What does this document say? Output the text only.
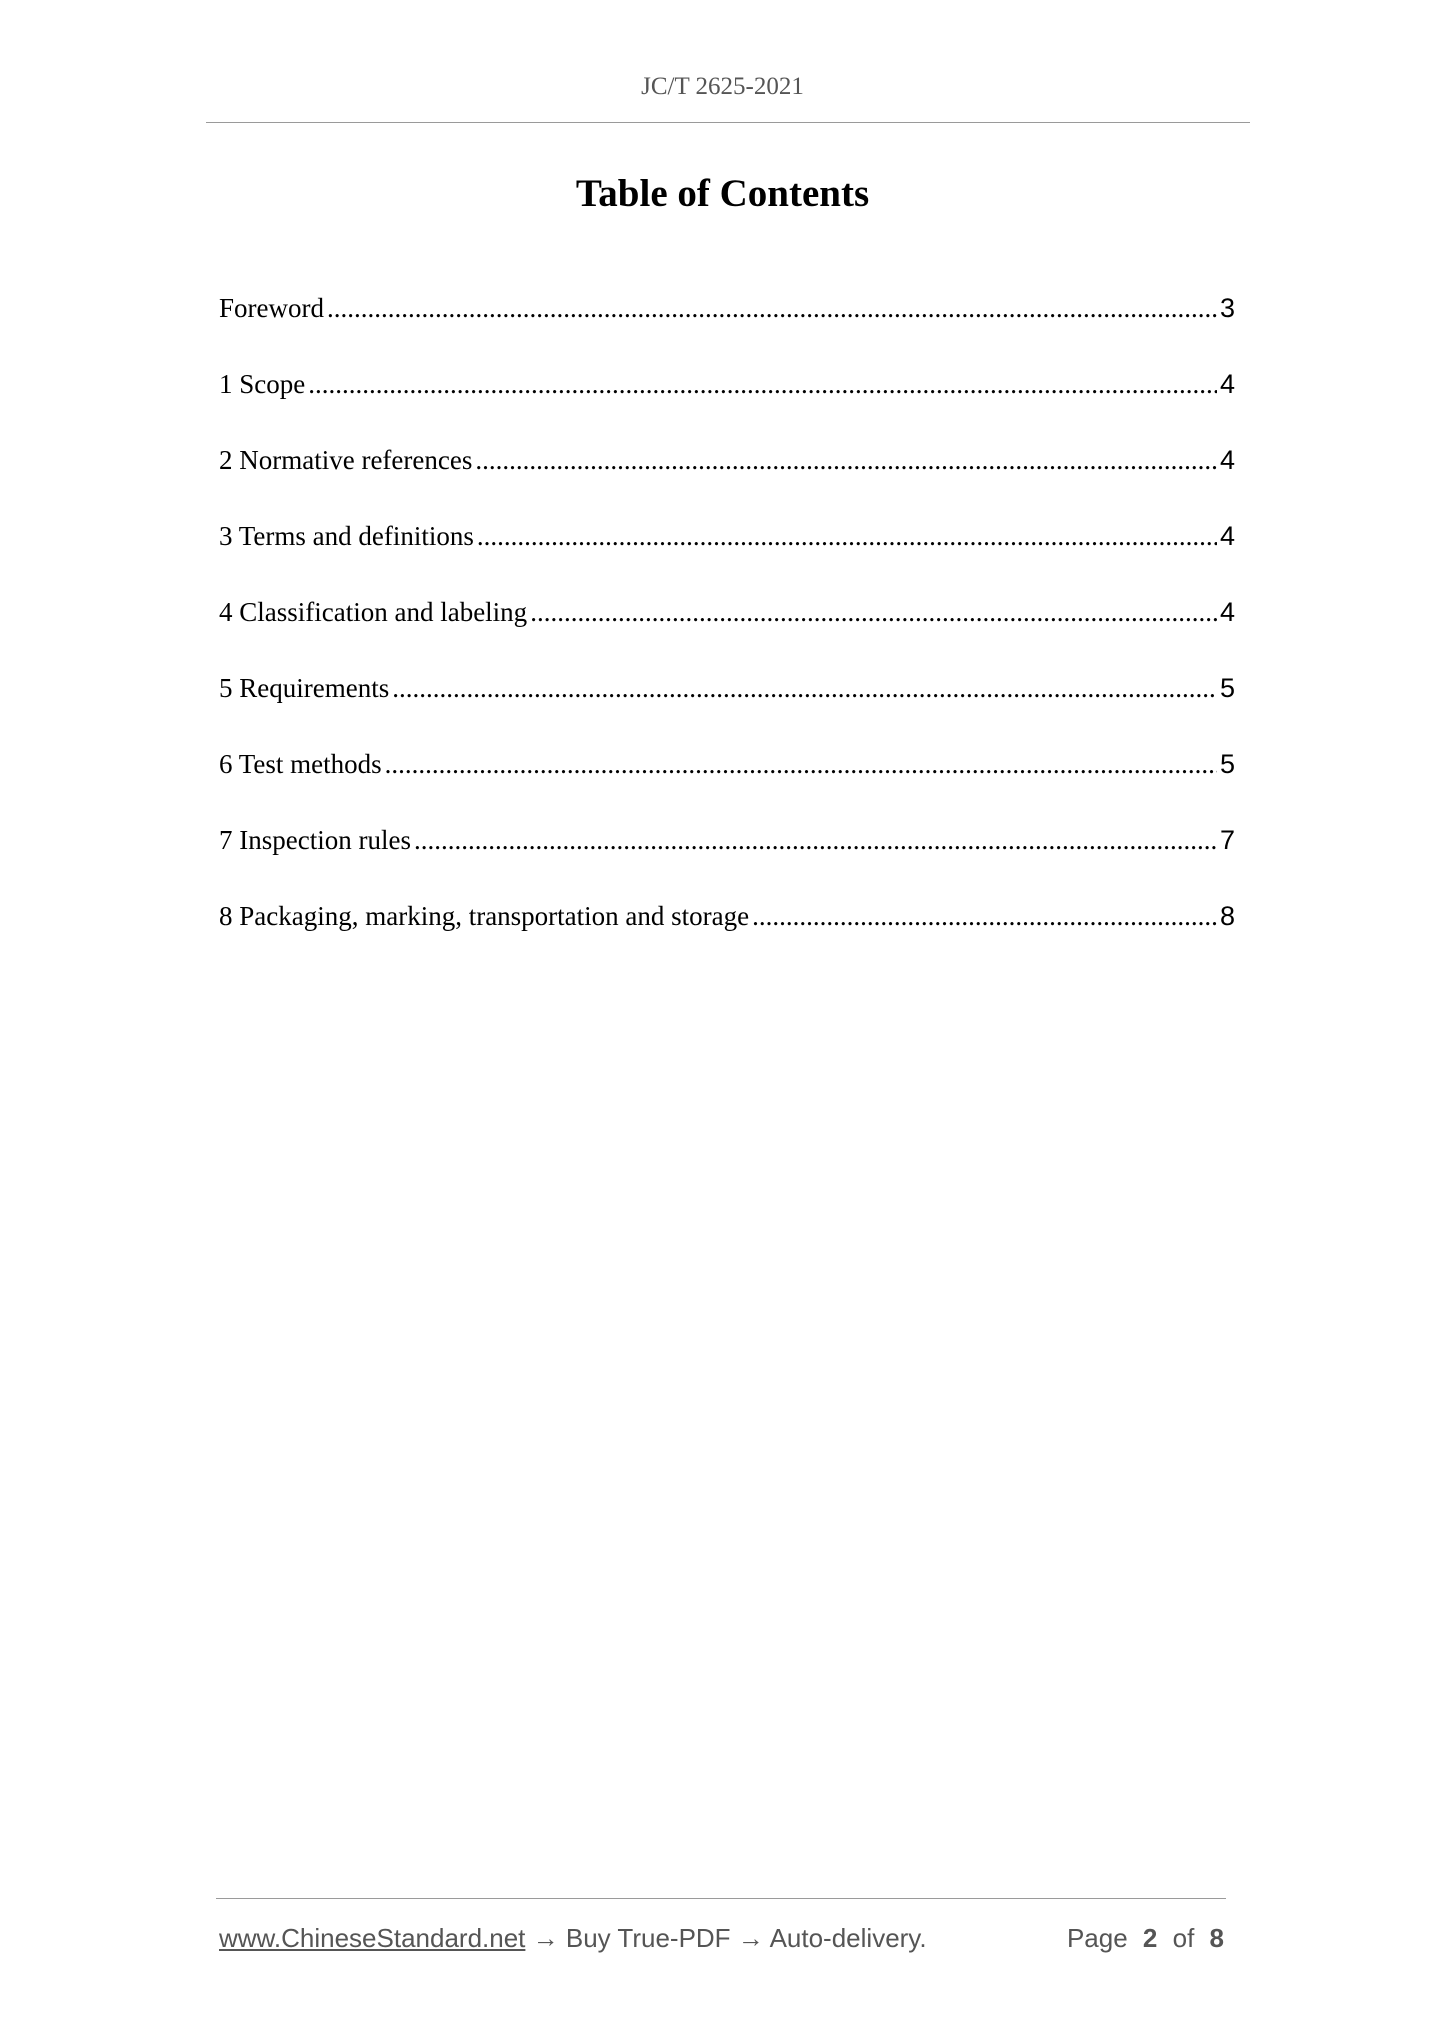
JC/T 2625-2021
Table of Contents
Foreword .....	3
1 Scope .....	4
2 Normative references .....	4
3 Terms and definitions .....	4
4 Classification and labeling .....	4
5 Requirements .....	5
6 Test methods .....	5
7 Inspection rules .....	7
8 Packaging, marking, transportation and storage .....	8
www.ChineseStandard.net → Buy True-PDF → Auto-delivery.	Page 2 of 8
